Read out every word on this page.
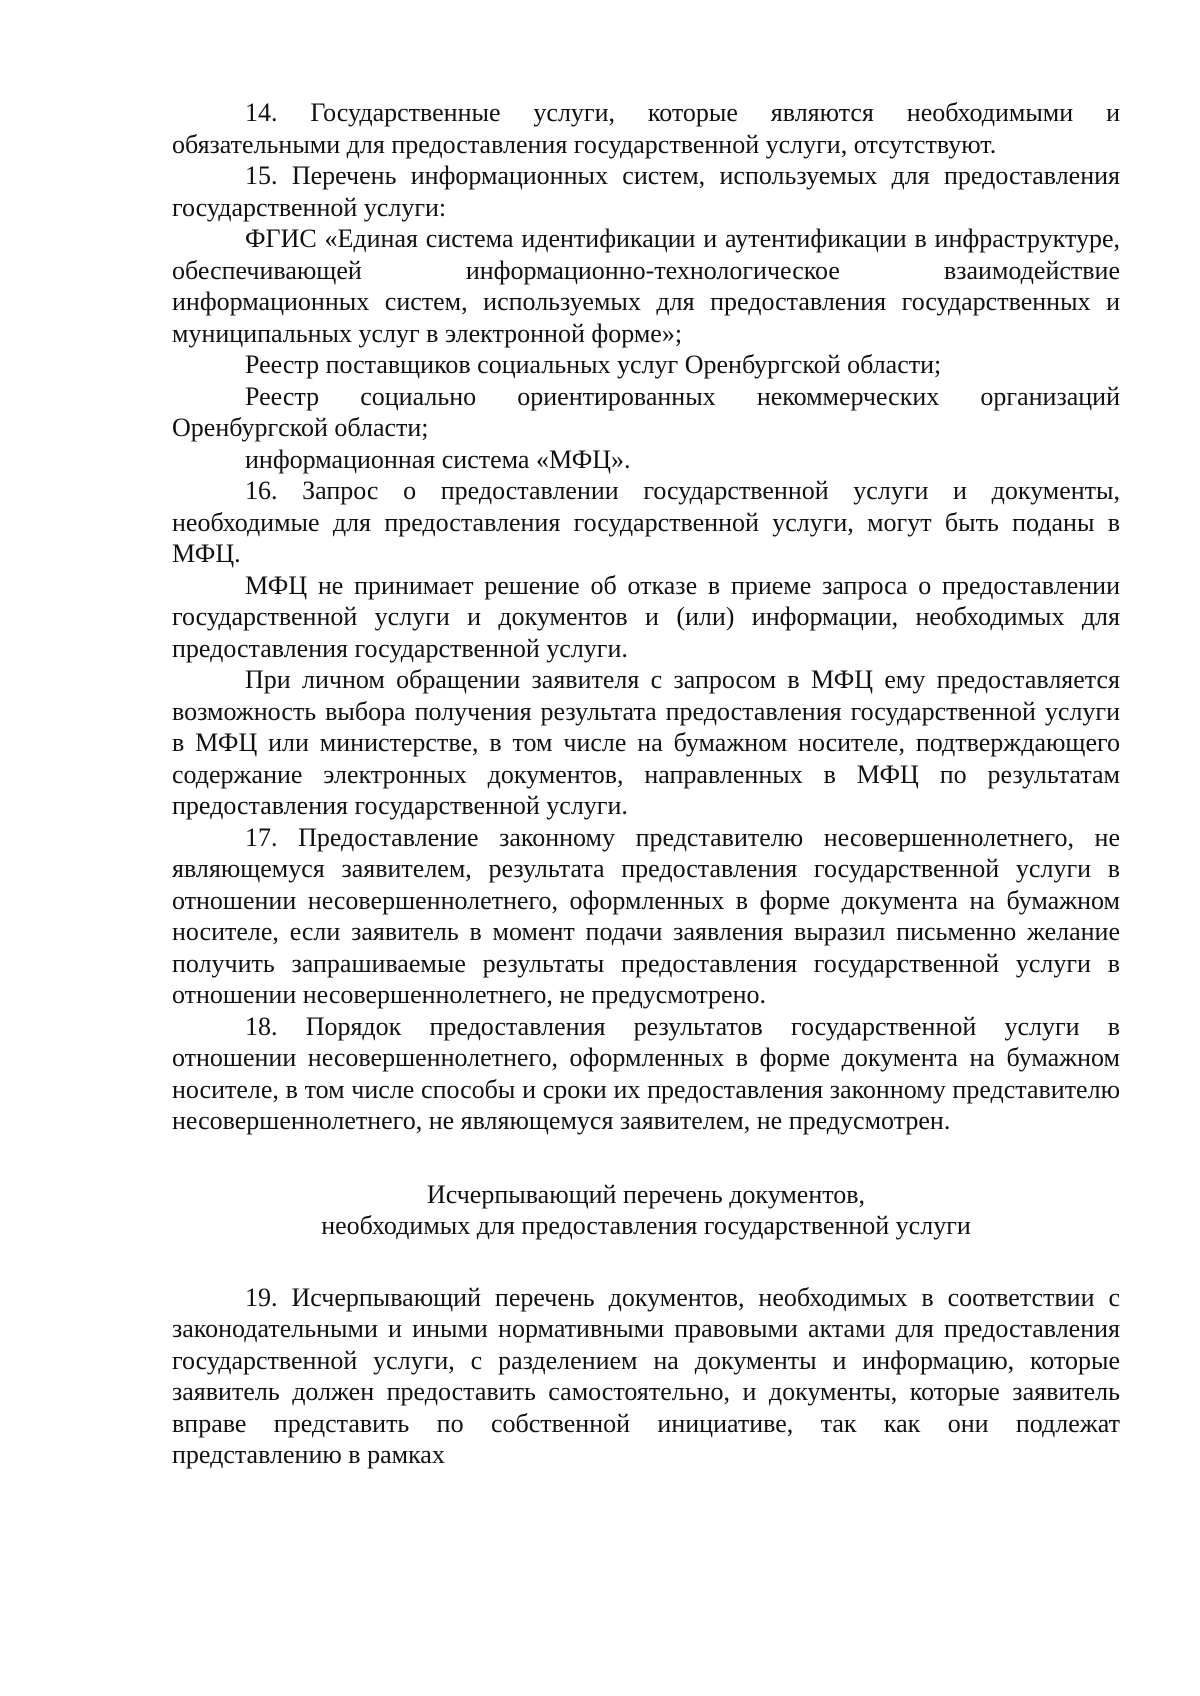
14. Государственные услуги, которые являются необходимыми и обязательными для предоставления государственной услуги, отсутствуют.

15. Перечень информационных систем, используемых для предоставления государственной услуги:

ФГИС «Единая система идентификации и аутентификации в инфраструктуре, обеспечивающей информационно-технологическое взаимодействие информационных систем, используемых для предоставления государственных и муниципальных услуг в электронной форме»;

Реестр поставщиков социальных услуг Оренбургской области;

Реестр социально ориентированных некоммерческих организаций Оренбургской области;

информационная система «МФЦ».

16. Запрос о предоставлении государственной услуги и документы, необходимые для предоставления государственной услуги, могут быть поданы в МФЦ.

МФЦ не принимает решение об отказе в приеме запроса о предоставлении государственной услуги и документов и (или) информации, необходимых для предоставления государственной услуги.

При личном обращении заявителя с запросом в МФЦ ему предоставляется возможность выбора получения результата предоставления государственной услуги в МФЦ или министерстве, в том числе на бумажном носителе, подтверждающего содержание электронных документов, направленных в МФЦ по результатам предоставления государственной услуги.

17. Предоставление законному представителю несовершеннолетнего, не являющемуся заявителем, результата предоставления государственной услуги в отношении несовершеннолетнего, оформленных в форме документа на бумажном носителе, если заявитель в момент подачи заявления выразил письменно желание получить запрашиваемые результаты предоставления государственной услуги в отношении несовершеннолетнего, не предусмотрено.

18. Порядок предоставления результатов государственной услуги в отношении несовершеннолетнего, оформленных в форме документа на бумажном носителе, в том числе способы и сроки их предоставления законному представителю несовершеннолетнего, не являющемуся заявителем, не предусмотрен.

Исчерпывающий перечень документов,
необходимых для предоставления государственной услуги

19. Исчерпывающий перечень документов, необходимых в соответствии с законодательными и иными нормативными правовыми актами для предоставления государственной услуги, с разделением на документы и информацию, которые заявитель должен предоставить самостоятельно, и документы, которые заявитель вправе представить по собственной инициативе, так как они подлежат представлению в рамках
